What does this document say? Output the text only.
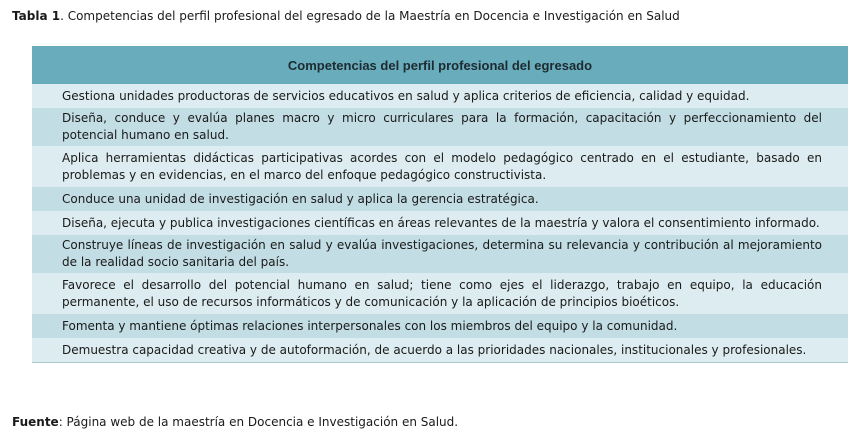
Tabla 1. Competencias del perfil profesional del egresado de la Maestría en Docencia e Investigación en Salud
Competencias del perfil profesional del egresado
Gestiona unidades productoras de servicios educativos en salud y aplica criterios de eficiencia, calidad y equidad.
Diseña, conduce y evalúa planes macro y micro curriculares para la formación, capacitación y perfeccionamiento del potencial humano en salud.
Aplica herramientas didácticas participativas acordes con el modelo pedagógico centrado en el estudiante, basado en problemas y en evidencias, en el marco del enfoque pedagógico constructivista.
Conduce una unidad de investigación en salud y aplica la gerencia estratégica.
Diseña, ejecuta y publica investigaciones científicas en áreas relevantes de la maestría y valora el consentimiento informado.
Construye líneas de investigación en salud y evalúa investigaciones, determina su relevancia y contribución al mejoramiento de la realidad socio sanitaria del país.
Favorece el desarrollo del potencial humano en salud; tiene como ejes el liderazgo, trabajo en equipo, la educación permanente, el uso de recursos informáticos y de comunicación y la aplicación de principios bioéticos.
Fomenta y mantiene óptimas relaciones interpersonales con los miembros del equipo y la comunidad.
Demuestra capacidad creativa y de autoformación, de acuerdo a las prioridades nacionales, institucionales y profesionales.
Fuente: Página web de la maestría en Docencia e Investigación en Salud.
